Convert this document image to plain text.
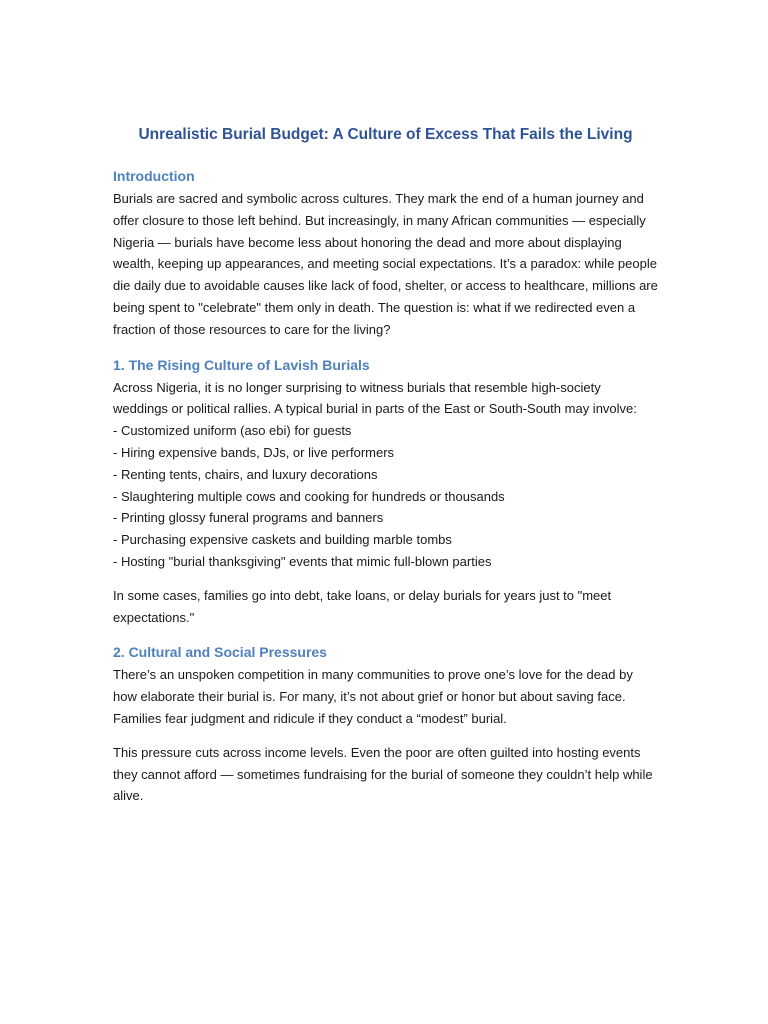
Unrealistic Burial Budget: A Culture of Excess That Fails the Living
Introduction

Burials are sacred and symbolic across cultures. They mark the end of a human journey and offer closure to those left behind. But increasingly, in many African communities — especially Nigeria — burials have become less about honoring the dead and more about displaying wealth, keeping up appearances, and meeting social expectations. It’s a paradox: while people die daily due to avoidable causes like lack of food, shelter, or access to healthcare, millions are being spent to "celebrate" them only in death. The question is: what if we redirected even a fraction of those resources to care for the living?

1. The Rising Culture of Lavish Burials

Across Nigeria, it is no longer surprising to witness burials that resemble high-society weddings or political rallies. A typical burial in parts of the East or South-South may involve:

- Customized uniform (aso ebi) for guests
- Hiring expensive bands, DJs, or live performers
- Renting tents, chairs, and luxury decorations
- Slaughtering multiple cows and cooking for hundreds or thousands
- Printing glossy funeral programs and banners
- Purchasing expensive caskets and building marble tombs
- Hosting "burial thanksgiving" events that mimic full-blown parties

In some cases, families go into debt, take loans, or delay burials for years just to "meet expectations."

2. Cultural and Social Pressures

There’s an unspoken competition in many communities to prove one’s love for the dead by how elaborate their burial is. For many, it’s not about grief or honor but about saving face. Families fear judgment and ridicule if they conduct a “modest” burial.

This pressure cuts across income levels. Even the poor are often guilted into hosting events they cannot afford — sometimes fundraising for the burial of someone they couldn’t help while alive.
